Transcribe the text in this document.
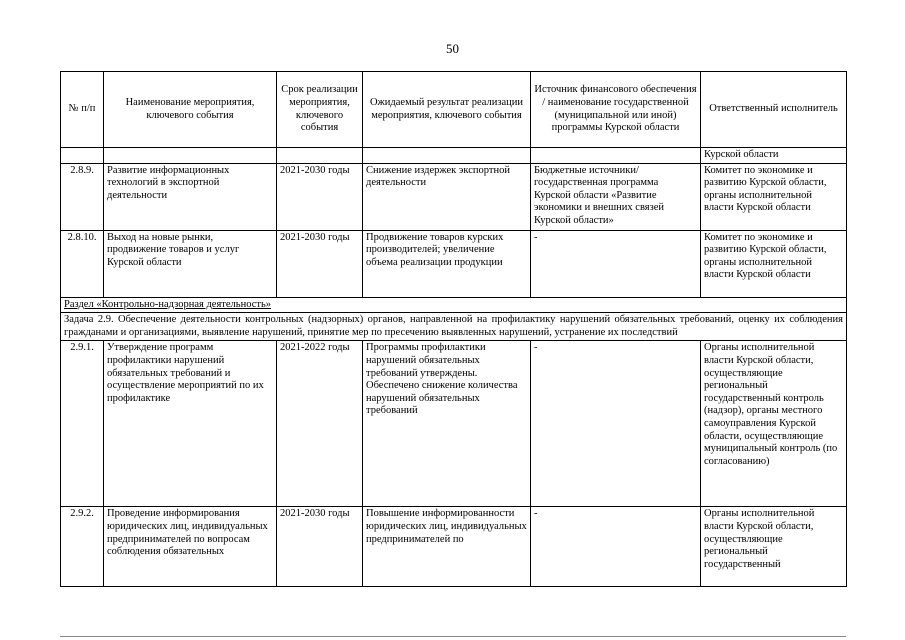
50
№ п/п	Наименование мероприятия, ключевого события	Срок реализации мероприятия, ключевого события	Ожидаемый результат реализации мероприятия, ключевого события	Источник финансового обеспечения / наименование государственной (муниципальной или иной) программы Курской области	Ответственный исполнитель
					Курской области
2.8.9.	Развитие информационных технологий в экспортной деятельности	2021-2030 годы	Снижение издержек экспортной деятельности	Бюджетные источники/ государственная программа Курской области «Развитие экономики и внешних связей Курской области»	Комитет по экономике и развитию Курской области, органы исполнительной власти Курской области
2.8.10.	Выход на новые рынки, продвижение товаров и услуг Курской области	2021-2030 годы	Продвижение товаров курских производителей; увеличение объема реализации продукции	-	Комитет по экономике и развитию Курской области, органы исполнительной власти Курской области
Раздел «Контрольно-надзорная деятельность»					
Задача 2.9. Обеспечение деятельности контрольных (надзорных) органов, направленной на профилактику нарушений обязательных требований, оценку их соблюдения гражданами и организациями, выявление нарушений, принятие мер по пресечению выявленных нарушений, устранение их последствий					
2.9.1.	Утверждение программ профилактики нарушений обязательных требований и осуществление мероприятий по их профилактике	2021-2022 годы	Программы профилактики нарушений обязательных требований утверждены. Обеспечено снижение количества нарушений обязательных требований	-	Органы исполнительной власти Курской области, осуществляющие региональный государственный контроль (надзор), органы местного самоуправления Курской области, осуществляющие муниципальный контроль (по согласованию)
2.9.2.	Проведение информирования юридических лиц, индивидуальных предпринимателей по вопросам соблюдения обязательных	2021-2030 годы	Повышение информированности юридических лиц, индивидуальных предпринимателей по	-	Органы исполнительной власти Курской области, осуществляющие региональный государственный
